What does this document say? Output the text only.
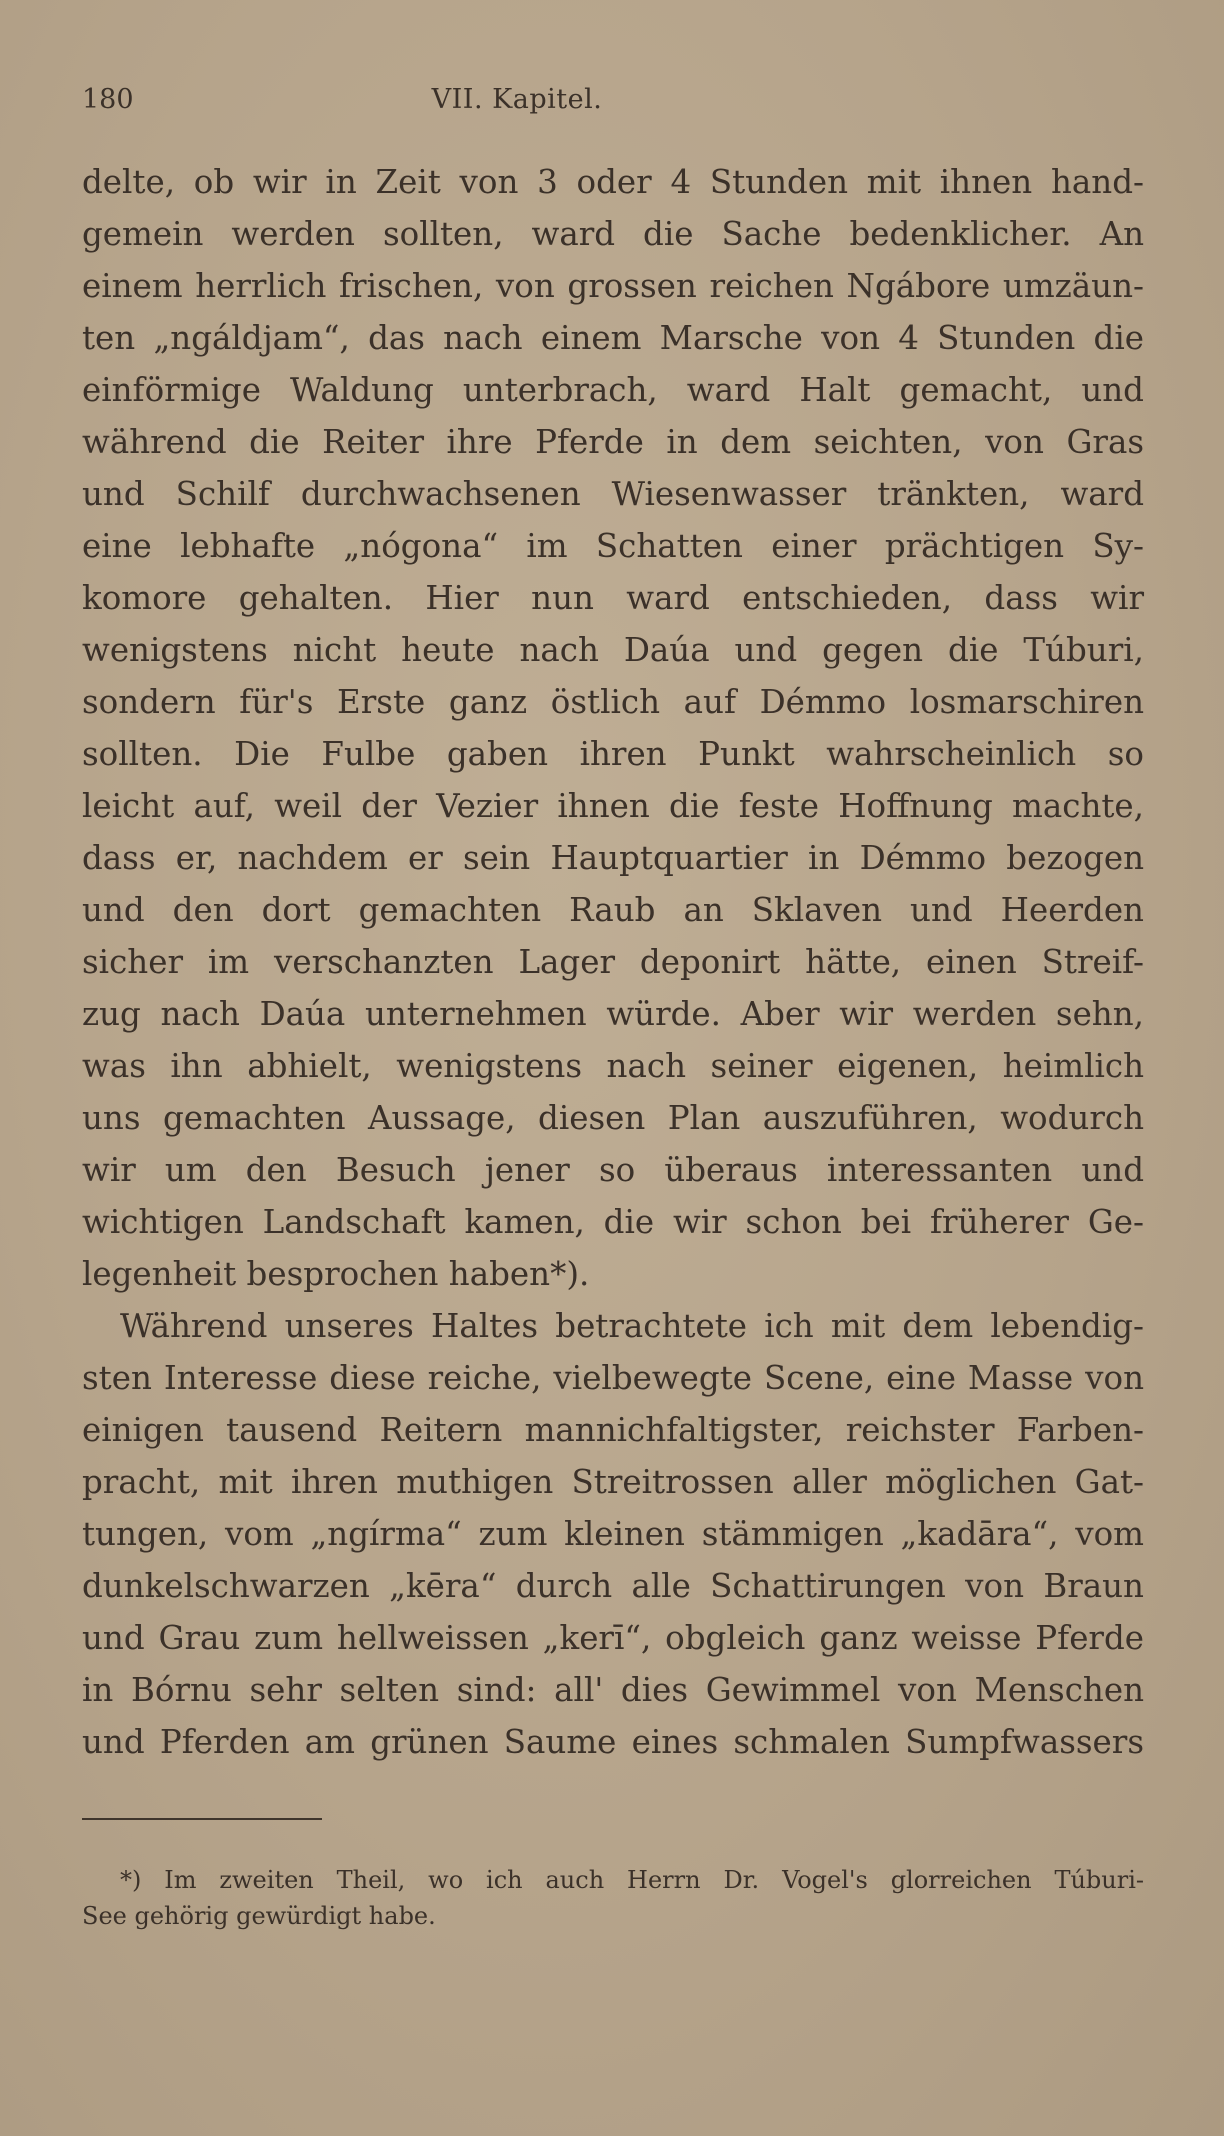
180	VII. Kapitel.
delte, ob wir in Zeit von 3 oder 4 Stunden mit ihnen hand-
gemein werden sollten, ward die Sache bedenklicher. An
einem herrlich frischen, von grossen reichen Ngábore umzäun-
ten „ngáldjam“, das nach einem Marsche von 4 Stunden die
einförmige Waldung unterbrach, ward Halt gemacht, und
während die Reiter ihre Pferde in dem seichten, von Gras
und Schilf durchwachsenen Wiesenwasser tränkten, ward
eine lebhafte „nógona“ im Schatten einer prächtigen Sy-
komore gehalten. Hier nun ward entschieden, dass wir
wenigstens nicht heute nach Daúa und gegen die Túburi,
sondern für's Erste ganz östlich auf Démmo losmarschiren
sollten. Die Fulbe gaben ihren Punkt wahrscheinlich so
leicht auf, weil der Vezier ihnen die feste Hoffnung machte,
dass er, nachdem er sein Hauptquartier in Démmo bezogen
und den dort gemachten Raub an Sklaven und Heerden
sicher im verschanzten Lager deponirt hätte, einen Streif-
zug nach Daúa unternehmen würde. Aber wir werden sehn,
was ihn abhielt, wenigstens nach seiner eigenen, heimlich
uns gemachten Aussage, diesen Plan auszuführen, wodurch
wir um den Besuch jener so überaus interessanten und
wichtigen Landschaft kamen, die wir schon bei früherer Ge-
legenheit besprochen haben*).
Während unseres Haltes betrachtete ich mit dem lebendig-
sten Interesse diese reiche, vielbewegte Scene, eine Masse von
einigen tausend Reitern mannichfaltigster, reichster Farben-
pracht, mit ihren muthigen Streitrossen aller möglichen Gat-
tungen, vom „ngírma“ zum kleinen stämmigen „kadāra“, vom
dunkelschwarzen „kēra“ durch alle Schattirungen von Braun
und Grau zum hellweissen „kerī“, obgleich ganz weisse Pferde
in Bórnu sehr selten sind: all' dies Gewimmel von Menschen
und Pferden am grünen Saume eines schmalen Sumpfwassers
*) Im zweiten Theil, wo ich auch Herrn Dr. Vogel's glorreichen Túburi-
See gehörig gewürdigt habe.
